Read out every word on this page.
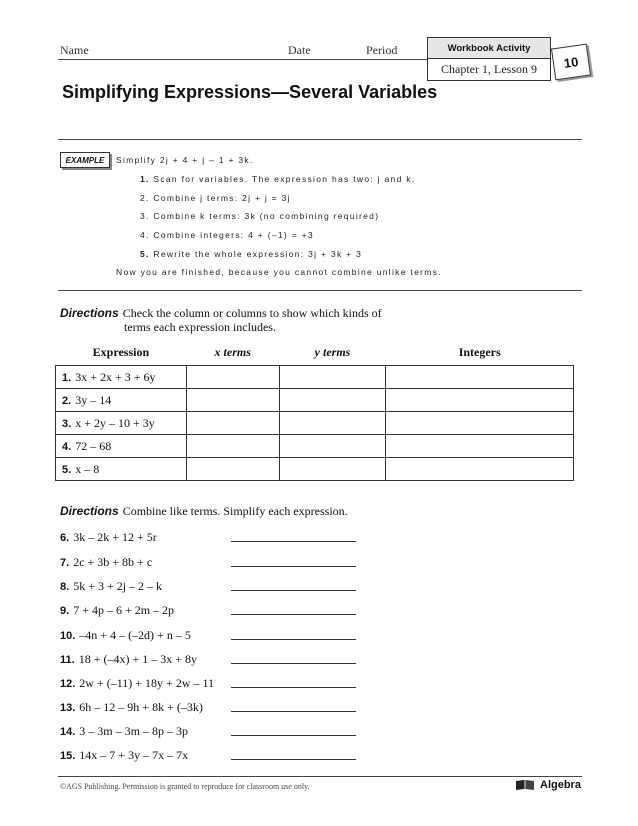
Name	Date	Period	Workbook Activity
Chapter 1, Lesson 9	10
Simplifying Expressions—Several Variables
EXAMPLE	Simplify 2j + 4 + j – 1 + 3k.
1. Scan for variables. The expression has two: j and k.
2. Combine j terms: 2j + j = 3j
3. Combine k terms: 3k (no combining required)
4. Combine integers: 4 + (–1) = +3
5. Rewrite the whole expression: 3j + 3k + 3
Now you are finished, because you cannot combine unlike terms.
Directions Check the column or columns to show which kinds of
terms each expression includes.
Expression	x terms	y terms	Integers
1. 3x + 2x + 3 + 6y			
2. 3y – 14			
3. x + 2y – 10 + 3y			
4. 72 – 68			
5. x – 8			
Directions Combine like terms. Simplify each expression.
6. 3k – 2k + 12 + 5r
7. 2c + 3b + 8b + c
8. 5k + 3 + 2j – 2 – k
9. 7 + 4p – 6 + 2m – 2p
10. –4n + 4 – (–2d) + n – 5
11. 18 + (–4x) + 1 – 3x + 8y
12. 2w + (–11) + 18y + 2w – 11
13. 6h – 12 – 9h + 8k + (–3k)
14. 3 – 3m – 3m – 8p – 3p
15. 14x – 7 + 3y – 7x – 7x
©AGS Publishing. Permission is granted to reproduce for classroom use only.	Algebra
